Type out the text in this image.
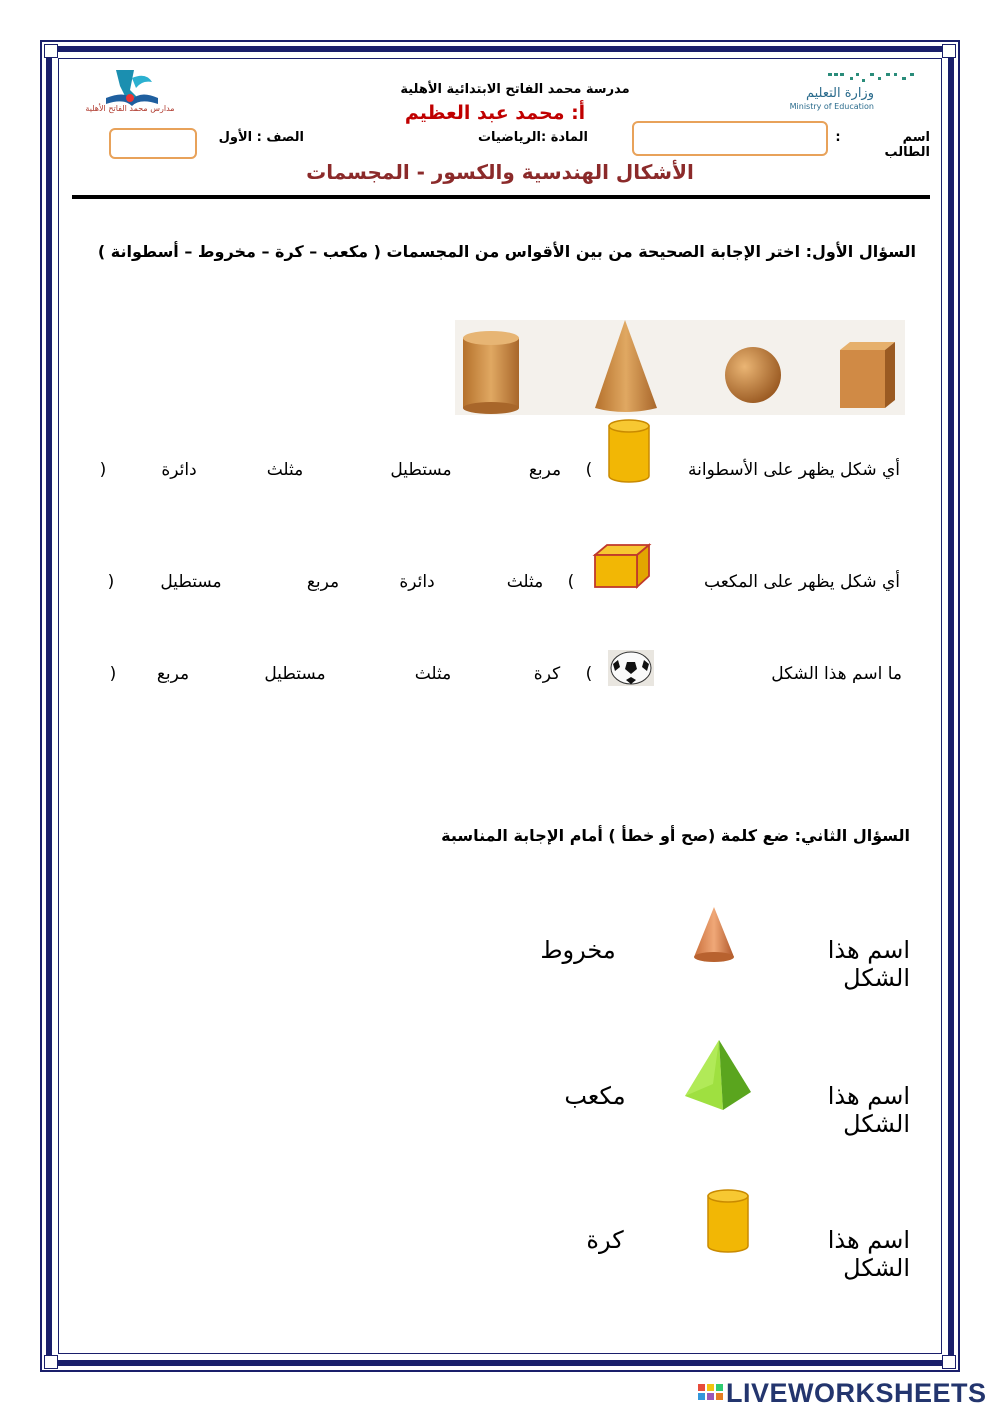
مدارس محمد الفاتح الأهلية
وزارة التعليم
Ministry of Education
مدرسة محمد الفاتح الابتدائية الأهلية
أ: محمد عبد العظيم
اسم الطالب
:
المادة :الرياضيات
الصف : الأول
الأشكال الهندسية والكسور - المجسمات
السؤال الأول: اختر الإجابة الصحيحة من بين الأقواس من المجسمات ( مكعب – كرة – مخروط – أسطوانة )
أي شكل يظهر على الأسطوانة
(
مربع
مستطيل
مثلث
دائرة
)
أي شكل يظهر على المكعب
(
مثلث
دائرة
مربع
مستطيل
)
ما اسم هذا الشكل
(
كرة
مثلث
مستطيل
مربع
)
السؤال الثاني: ضع كلمة (صح أو خطأ ) أمام الإجابة المناسبة
اسم هذا الشكل
مخروط
اسم هذا الشكل
مكعب
اسم هذا الشكل
كرة
LIVEWORKSHEETS
